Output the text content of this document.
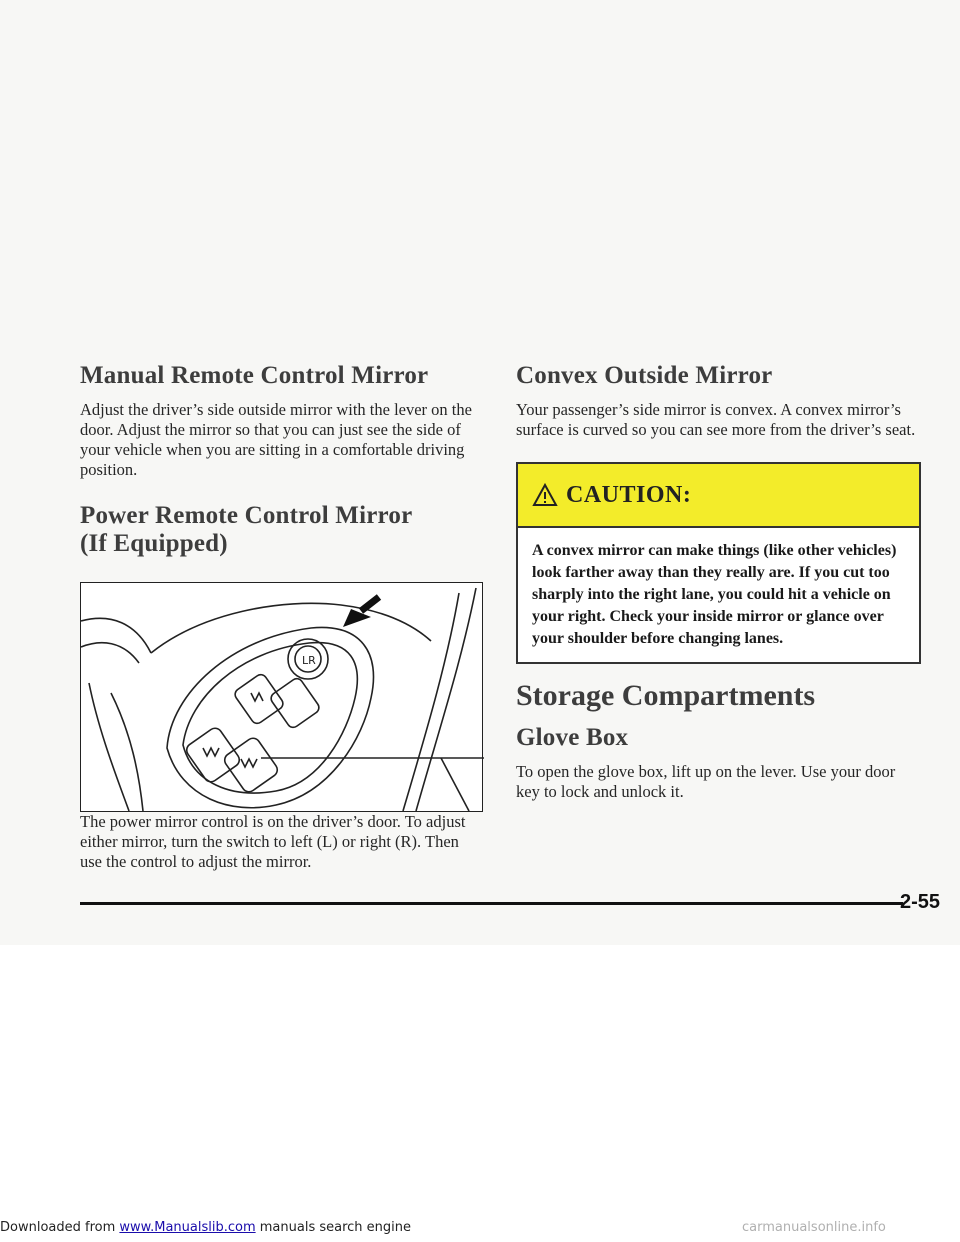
Manual Remote Control Mirror

Adjust the driver’s side outside mirror with the lever on the door. Adjust the mirror so that you can just see the side of your vehicle when you are sitting in a comfortable driving position.

Power Remote Control Mirror
(If Equipped)
LR

The power mirror control is on the driver’s door. To adjust either mirror, turn the switch to left (L) or right (R). Then use the control to adjust the mirror.

Convex Outside Mirror

Your passenger’s side mirror is convex. A convex mirror’s surface is curved so you can see more from the driver’s seat.

CAUTION:
A convex mirror can make things (like other vehicles) look farther away than they really are. If you cut too sharply into the right lane, you could hit a vehicle on your right. Check your inside mirror or glance over your shoulder before changing lanes.
Storage Compartments
Glove Box

To open the glove box, lift up on the lever. Use your door key to lock and unlock it.

2-55
Downloaded from www.Manualslib.com manuals search engine	carmanualsonline.info
